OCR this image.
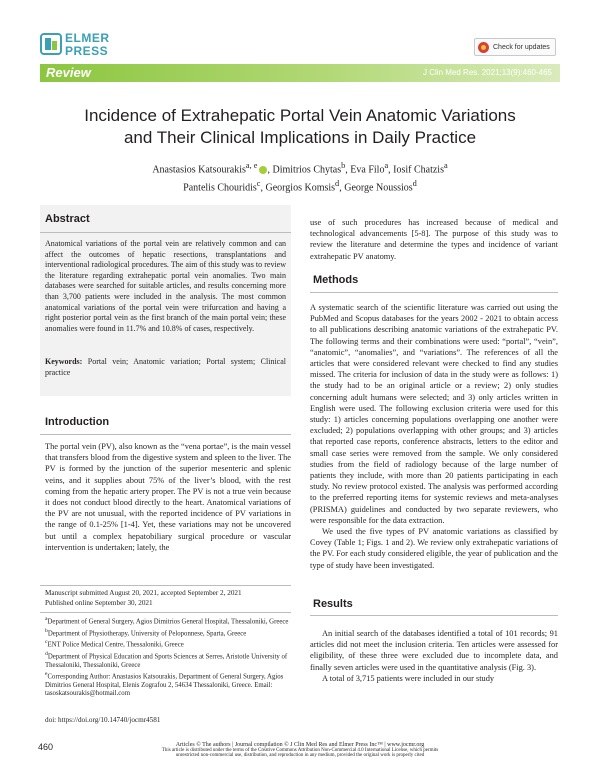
ELMER
PRESS	Check for updates
Review	J Clin Med Res. 2021;13(9):460-465
Incidence of Extrahepatic Portal Vein Anatomic Variations
and Their Clinical Implications in Daily Practice
Anastasios Katsourakis$^{a, e}$ , Dimitrios Chytas$^b$, Eva Filo$^a$, Iosif Chatzis$^a$
Pantelis Chouridis$^c$, Georgios Komsis$^d$, George Noussios$^d$
Abstract
Anatomical variations of the portal vein are relatively common and can affect the outcomes of hepatic resections, transplantations and interventional radiological procedures. The aim of this study was to review the literature regarding extrahepatic portal vein anomalies. Two main databases were searched for suitable articles, and results concerning more than 3,700 patients were included in the analysis. The most common anatomical variations of the portal vein were trifurcation and having a right posterior portal vein as the first branch of the main portal vein; these anomalies were found in 11.7% and 10.8% of cases, respectively.
Keywords: Portal vein; Anatomic variation; Portal system; Clinical practice
Introduction
The portal vein (PV), also known as the “vena portae”, is the main vessel that transfers blood from the digestive system and spleen to the liver. The PV is formed by the junction of the superior mesenteric and splenic veins, and it supplies about 75% of the liver’s blood, with the rest coming from the hepatic artery proper. The PV is not a true vein because it does not conduct blood directly to the heart. Anatomical variations of the PV are not unusual, with the reported incidence of PV variations in the range of 0.1-25% [1-4]. Yet, these variations may not be uncovered but until a complex hepatobiliary surgical procedure or vascular intervention is undertaken; lately, the
Manuscript submitted August 20, 2021, accepted September 2, 2021
Published online September 30, 2021
$^a$Department of General Surgery, Agios Dimitrios General Hospital, Thessaloniki, Greece
$^b$Department of Physiotherapy, University of Peloponnese, Sparta, Greece
$^c$ENT Police Medical Centre, Thessaloniki, Greece
$^d$Department of Physical Education and Sports Sciences at Serres, Aristotle University of Thessaloniki, Thessaloniki, Greece
$^e$Corresponding Author: Anastasios Katsourakis, Department of General Surgery, Agios Dimitrios General Hospital, Elenis Zografou 2, 54634 Thessaloniki, Greece. Email: tasoskatsourakis@hotmail.com
doi: https://doi.org/10.14740/jocmr4581
use of such procedures has increased because of medical and technological advancements [5-8]. The purpose of this study was to review the literature and determine the types and incidence of variant extrahepatic PV anatomy.
Methods

A systematic search of the scientific literature was carried out using the PubMed and Scopus databases for the years 2002 - 2021 to obtain access to all publications describing anatomic variations of the extrahepatic PV. The following terms and their combinations were used: “portal”, “vein”, “anatomic”, “anomalies”, and “variations”. The references of all the articles that were considered relevant were checked to find any studies missed. The criteria for inclusion of data in the study were as follows: 1) the study had to be an original article or a review; 2) only studies concerning adult humans were selected; and 3) only articles written in English were used. The following exclusion criteria were used for this study: 1) articles concerning populations overlapping one another were excluded; 2) populations overlapping with other groups; and 3) articles that reported case reports, conference abstracts, letters to the editor and small case series were removed from the sample. We only considered studies from the field of radiology because of the large number of patients they include, with more than 20 patients participating in each study. No review protocol existed. The analysis was performed according to the preferred reporting items for systemic reviews and meta-analyses (PRISMA) guidelines and conducted by two separate reviewers, who were responsible for the data extraction.

We used the five types of PV anatomic variations as classified by Covey (Table 1; Figs. 1 and 2). We review only extrahepatic variations of the PV. For each study considered eligible, the year of publication and the type of study have been investigated.

Results

An initial search of the databases identified a total of 101 records; 91 articles did not meet the inclusion criteria. Ten articles were assessed for eligibility, of these three were excluded due to incomplete data, and finally seven articles were used in the quantitative analysis (Fig. 3).

A total of 3,715 patients were included in our study

460	Articles © The authors | Journal compilation © J Clin Med Res and Elmer Press Inc™ | www.jocmr.org
This article is distributed under the terms of the Creative Commons Attribution Non-Commercial 4.0 International License, which permits
unrestricted non-commercial use, distribution, and reproduction in any medium, provided the original work is properly cited
